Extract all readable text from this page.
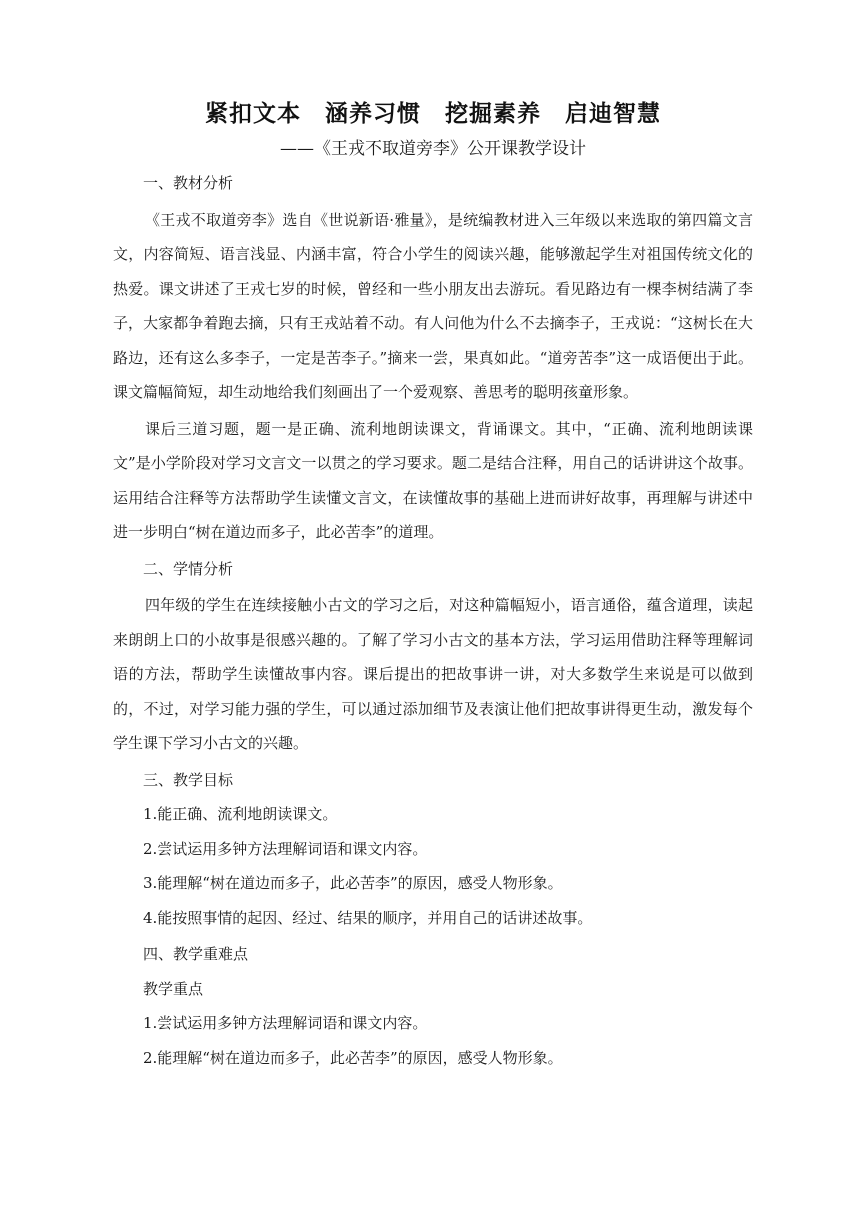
紧扣文本　涵养习惯　挖掘素养　启迪智慧
——《王戎不取道旁李》公开课教学设计
一、教材分析

《王戎不取道旁李》选自《世说新语·雅量》，是统编教材进入三年级以来选取的第四篇文言文，内容简短、语言浅显、内涵丰富，符合小学生的阅读兴趣，能够激起学生对祖国传统文化的热爱。课文讲述了王戎七岁的时候，曾经和一些小朋友出去游玩。看见路边有一棵李树结满了李子，大家都争着跑去摘，只有王戎站着不动。有人问他为什么不去摘李子，王戎说：“这树长在大路边，还有这么多李子，一定是苦李子。”摘来一尝，果真如此。“道旁苦李”这一成语便出于此。课文篇幅简短，却生动地给我们刻画出了一个爱观察、善思考的聪明孩童形象。

课后三道习题，题一是正确、流利地朗读课文，背诵课文。其中，“正确、流利地朗读课文”是小学阶段对学习文言文一以贯之的学习要求。题二是结合注释，用自己的话讲讲这个故事。运用结合注释等方法帮助学生读懂文言文，在读懂故事的基础上进而讲好故事，再理解与讲述中进一步明白“树在道边而多子，此必苦李”的道理。

二、学情分析

四年级的学生在连续接触小古文的学习之后，对这种篇幅短小，语言通俗，蕴含道理，读起来朗朗上口的小故事是很感兴趣的。了解了学习小古文的基本方法，学习运用借助注释等理解词语的方法，帮助学生读懂故事内容。课后提出的把故事讲一讲，对大多数学生来说是可以做到的，不过，对学习能力强的学生，可以通过添加细节及表演让他们把故事讲得更生动，激发每个学生课下学习小古文的兴趣。

三、教学目标
1.能正确、流利地朗读课文。
2.尝试运用多钟方法理解词语和课文内容。
3.能理解“树在道边而多子，此必苦李”的原因，感受人物形象。
4.能按照事情的起因、经过、结果的顺序，并用自己的话讲述故事。
四、教学重难点
教学重点
1.尝试运用多钟方法理解词语和课文内容。
2.能理解“树在道边而多子，此必苦李”的原因，感受人物形象。
